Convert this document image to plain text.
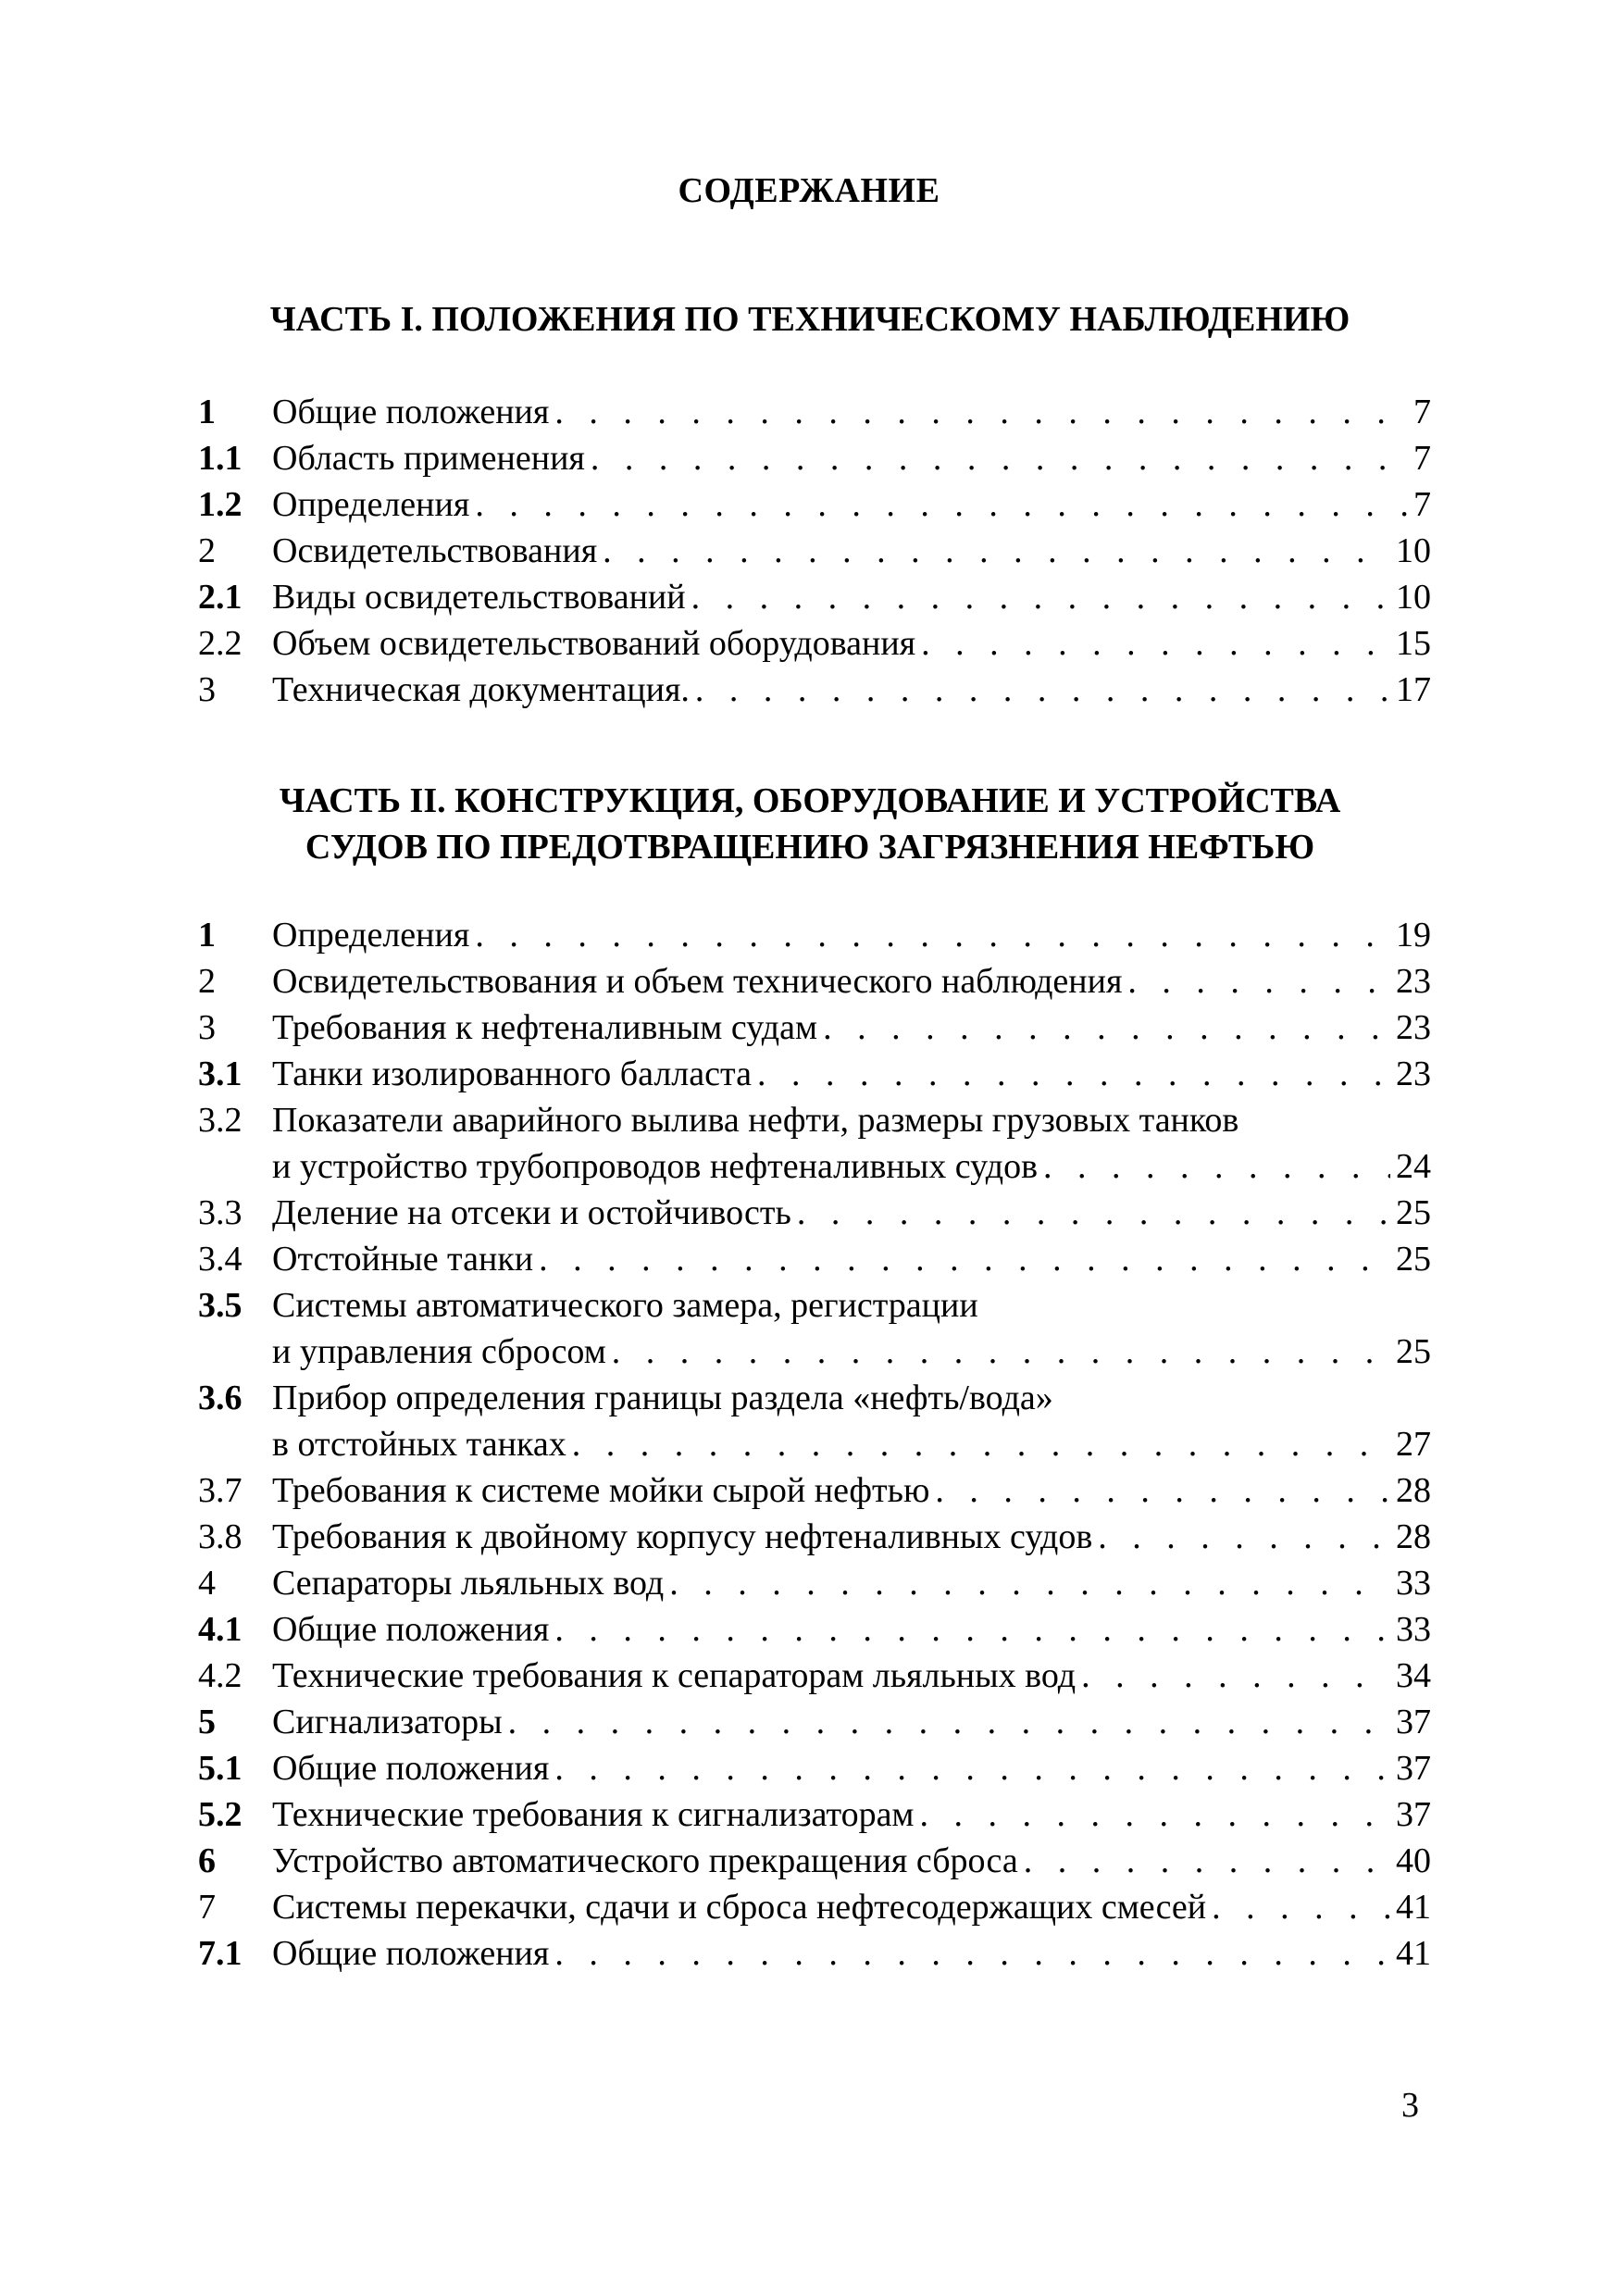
СОДЕРЖАНИЕ
ЧАСТЬ I. ПОЛОЖЕНИЯ ПО ТЕХНИЧЕСКОМУ НАБЛЮДЕНИЮ
1	Общие положения . . .	7
1.1 Область применения . . .	7
1.2 Определения . . .	7
2	Освидетельствования . . .	10
2.1 Виды освидетельствований . . .	10
2.2 Объем освидетельствований оборудования . . .	15
3	Техническая документация. . . .	17
ЧАСТЬ II. КОНСТРУКЦИЯ, ОБОРУДОВАНИЕ И УСТРОЙСТВА
СУДОВ ПО ПРЕДОТВРАЩЕНИЮ ЗАГРЯЗНЕНИЯ НЕФТЬЮ
1	Определения . . .	19
2	Освидетельствования и объем технического наблюдения . . .	23
3	Требования к нефтеналивным судам . . .	23
3.1 Танки изолированного балласта . . .	23
3.2 Показатели аварийного вылива нефти, размеры грузовых танков
и устройство трубопроводов нефтеналивных судов . . .	24
3.3 Деление на отсеки и остойчивость . . .	25
3.4 Отстойные танки . . .	25
3.5 Системы автоматического замера, регистрации
и управления сбросом . . .	25
3.6 Прибор определения границы раздела «нефть/вода»
в отстойных танках . . .	27
3.7 Требования к системе мойки сырой нефтью . . .	28
3.8 Требования к двойному корпусу нефтеналивных судов . . .	28
4	Сепараторы льяльных вод . . .	33
4.1 Общие положения . . .	33
4.2 Технические требования к сепараторам льяльных вод . . .	34
5	Сигнализаторы . . .	37
5.1 Общие положения . . .	37
5.2 Технические требования к сигнализаторам . . .	37
6	Устройство автоматического прекращения сброса . . .	40
7	Системы перекачки, сдачи и сброса нефтесодержащих смесей . . .	41
7.1 Общие положения . . .	41
3
